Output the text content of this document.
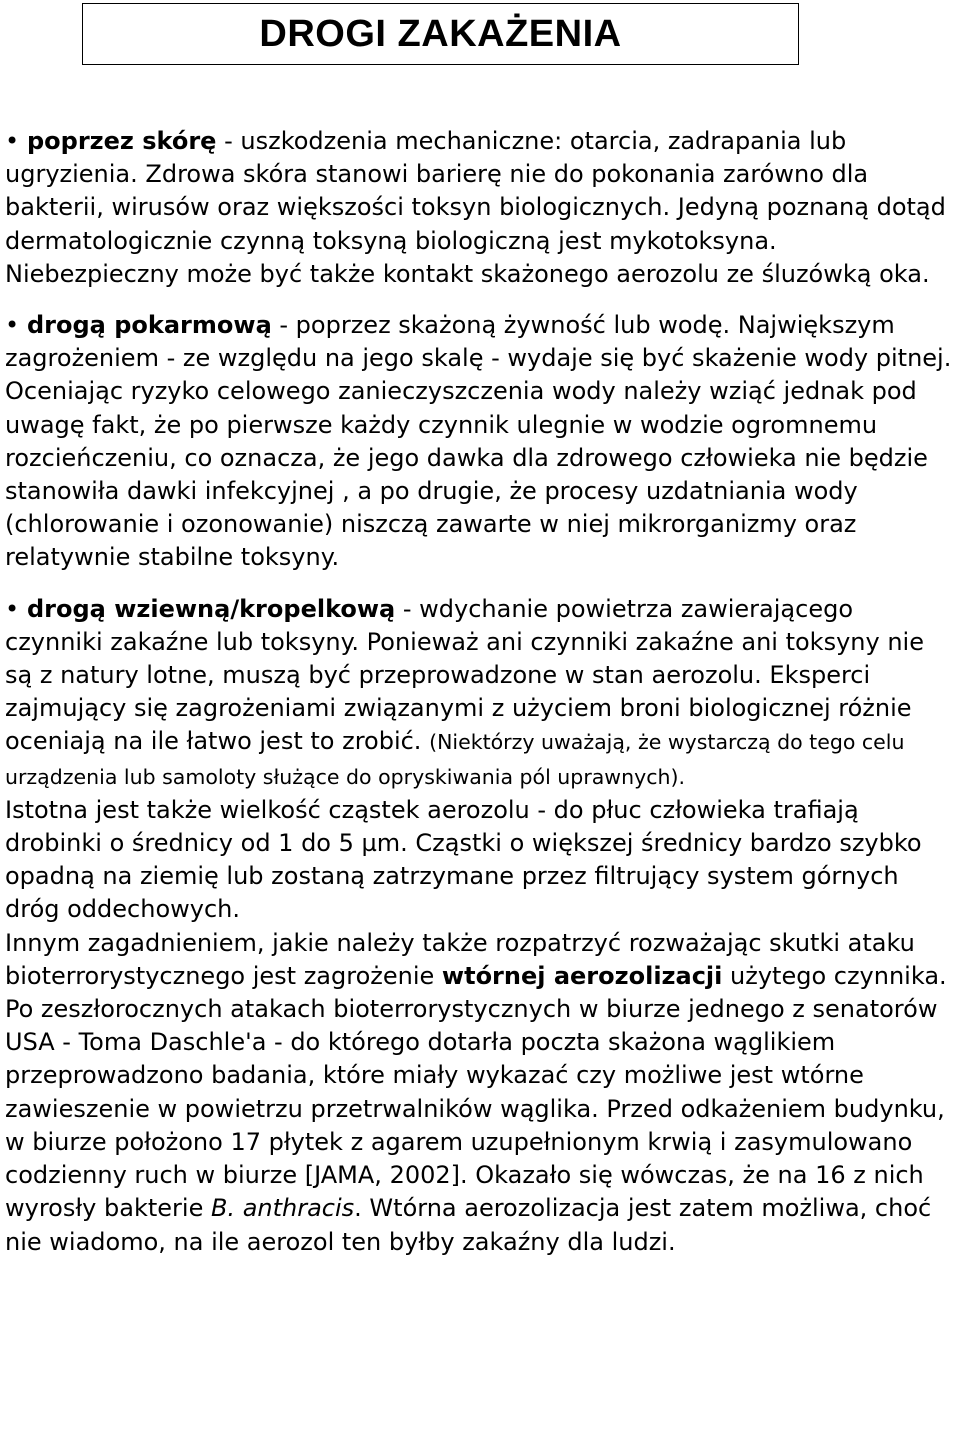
DROGI ZAKAŻENIA

• poprzez skórę - uszkodzenia mechaniczne: otarcia, zadrapania lub ugryzienia. Zdrowa skóra stanowi barierę nie do pokonania zarówno dla bakterii, wirusów oraz większości toksyn biologicznych. Jedyną poznaną dotąd dermatologicznie czynną toksyną biologiczną jest mykotoksyna. Niebezpieczny może być także kontakt skażonego aerozolu ze śluzówką oka.

• drogą pokarmową - poprzez skażoną żywność lub wodę. Największym zagrożeniem - ze względu na jego skalę - wydaje się być skażenie wody pitnej. Oceniając ryzyko celowego zanieczyszczenia wody należy wziąć jednak pod uwagę fakt, że po pierwsze każdy czynnik ulegnie w wodzie ogromnemu rozcieńczeniu, co oznacza, że jego dawka dla zdrowego człowieka nie będzie stanowiła dawki infekcyjnej , a po drugie, że procesy uzdatniania wody (chlorowanie i ozonowanie) niszczą zawarte w niej mikrorganizmy oraz relatywnie stabilne toksyny.

• drogą wziewną/kropelkową - wdychanie powietrza zawierającego czynniki zakaźne lub toksyny. Ponieważ ani czynniki zakaźne ani toksyny nie są z natury lotne, muszą być przeprowadzone w stan aerozolu. Eksperci zajmujący się zagrożeniami związanymi z użyciem broni biologicznej różnie oceniają na ile łatwo jest to zrobić. (Niektórzy uważają, że wystarczą do tego celu urządzenia lub samoloty służące do opryskiwania pól uprawnych).

Istotna jest także wielkość cząstek aerozolu - do płuc człowieka trafiają drobinki o średnicy od 1 do 5 µm. Cząstki o większej średnicy bardzo szybko opadną na ziemię lub zostaną zatrzymane przez filtrujący system górnych dróg oddechowych.

Innym zagadnieniem, jakie należy także rozpatrzyć rozważając skutki ataku bioterrorystycznego jest zagrożenie wtórnej aerozolizacji użytego czynnika. Po zeszłorocznych atakach bioterrorystycznych w biurze jednego z senatorów USA - Toma Daschle'a - do którego dotarła poczta skażona wąglikiem przeprowadzono badania, które miały wykazać czy możliwe jest wtórne zawieszenie w powietrzu przetrwalników wąglika. Przed odkażeniem budynku, w biurze położono 17 płytek z agarem uzupełnionym krwią i zasymulowano codzienny ruch w biurze [JAMA, 2002]. Okazało się wówczas, że na 16 z nich wyrosły bakterie B. anthracis. Wtórna aerozolizacja jest zatem możliwa, choć nie wiadomo, na ile aerozol ten byłby zakaźny dla ludzi.
